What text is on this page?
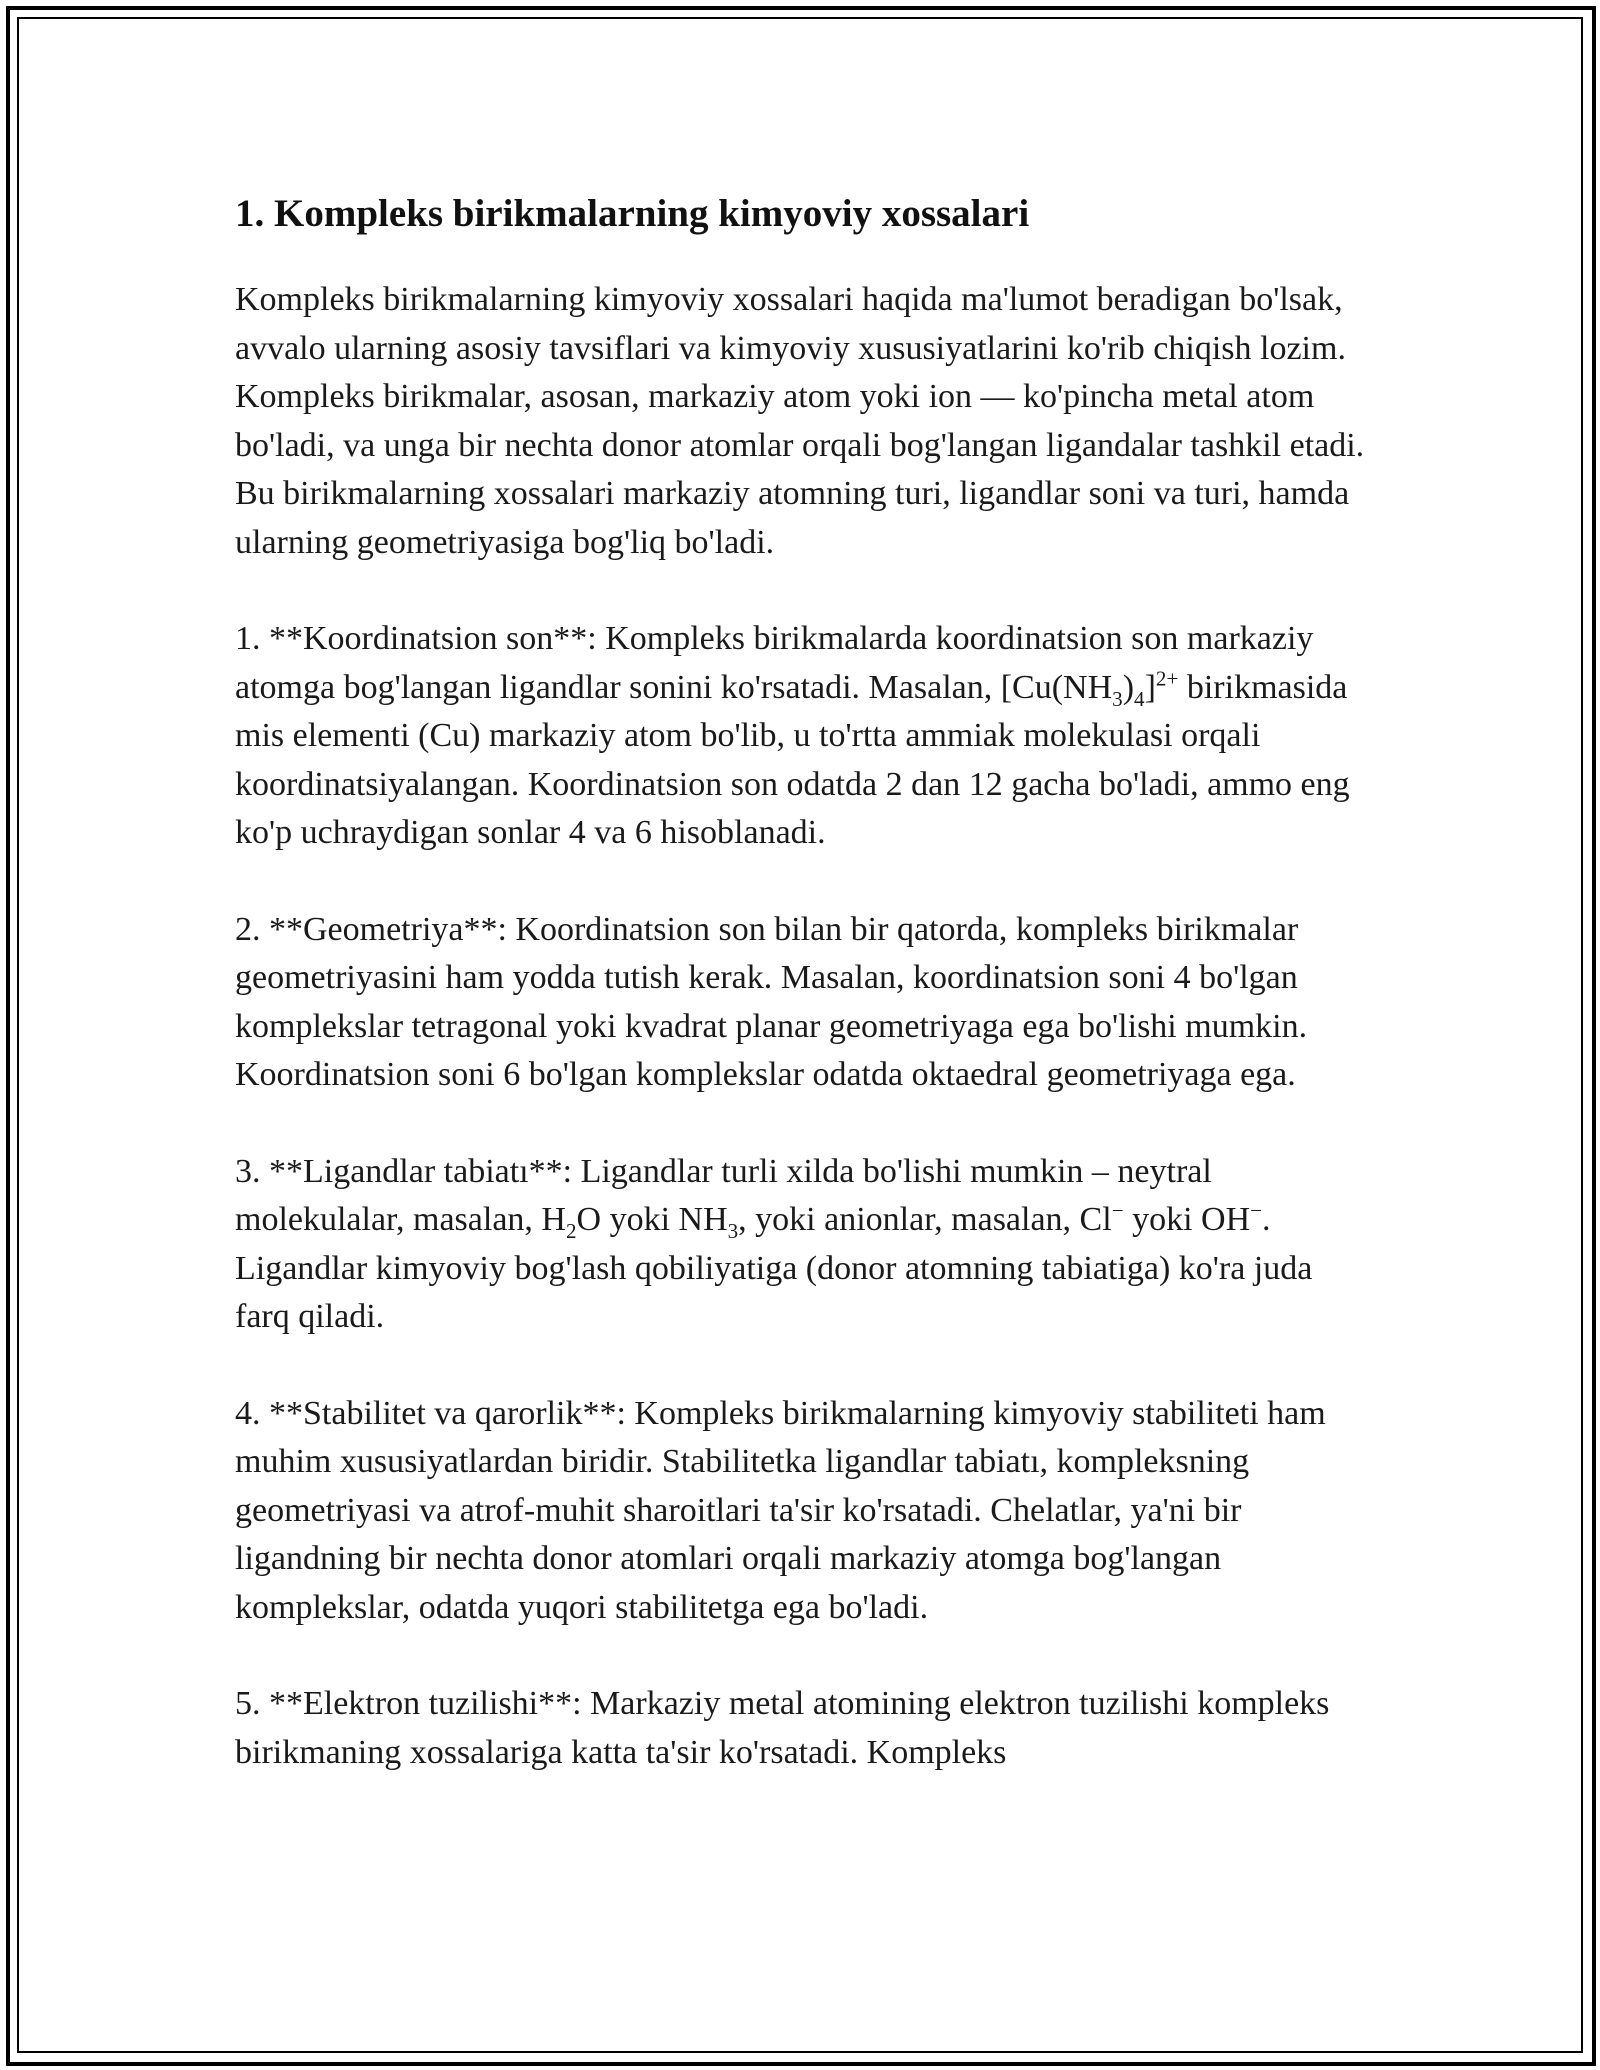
1. Kompleks birikmalarning kimyoviy xossalari

Kompleks birikmalarning kimyoviy xossalari haqida ma'lumot beradigan bo'lsak, avvalo ularning asosiy tavsiflari va kimyoviy xususiyatlarini ko'rib chiqish lozim. Kompleks birikmalar, asosan, markaziy atom yoki ion — ko'pincha metal atom bo'ladi, va unga bir nechta donor atomlar orqali bog'langan ligandalar tashkil etadi. Bu birikmalarning xossalari markaziy atomning turi, ligandlar soni va turi, hamda ularning geometriyasiga bog'liq bo'ladi.

1. **Koordinatsion son**: Kompleks birikmalarda koordinatsion son markaziy atomga bog'langan ligandlar sonini ko'rsatadi. Masalan, $[Cu(NH_3)_4]^{2+}$ birikmasida mis elementi (Cu) markaziy atom bo'lib, u to'rtta ammiak molekulasi orqali koordinatsiyalangan. Koordinatsion son odatda 2 dan 12 gacha bo'ladi, ammo eng ko'p uchraydigan sonlar 4 va 6 hisoblanadi.

2. **Geometriya**: Koordinatsion son bilan bir qatorda, kompleks birikmalar geometriyasini ham yodda tutish kerak. Masalan, koordinatsion soni 4 bo'lgan komplekslar tetragonal yoki kvadrat planar geometriyaga ega bo'lishi mumkin. Koordinatsion soni 6 bo'lgan komplekslar odatda oktaedral geometriyaga ega.

3. **Ligandlar tabiatı**: Ligandlar turli xilda bo'lishi mumkin – neytral molekulalar, masalan, $H_2O$ yoki $NH_3$, yoki anionlar, masalan, Cl− yoki OH−. Ligandlar kimyoviy bog'lash qobiliyatiga (donor atomning tabiatiga) ko'ra juda farq qiladi.

4. **Stabilitet va qarorlik**: Kompleks birikmalarning kimyoviy stabiliteti ham muhim xususiyatlardan biridir. Stabilitetka ligandlar tabiatı, kompleksning geometriyasi va atrof-muhit sharoitlari ta'sir ko'rsatadi. Chelatlar, ya'ni bir ligandning bir nechta donor atomlari orqali markaziy atomga bog'langan komplekslar, odatda yuqori stabilitetga ega bo'ladi.

5. **Elektron tuzilishi**: Markaziy metal atomining elektron tuzilishi kompleks birikmaning xossalariga katta ta'sir ko'rsatadi. Kompleks
